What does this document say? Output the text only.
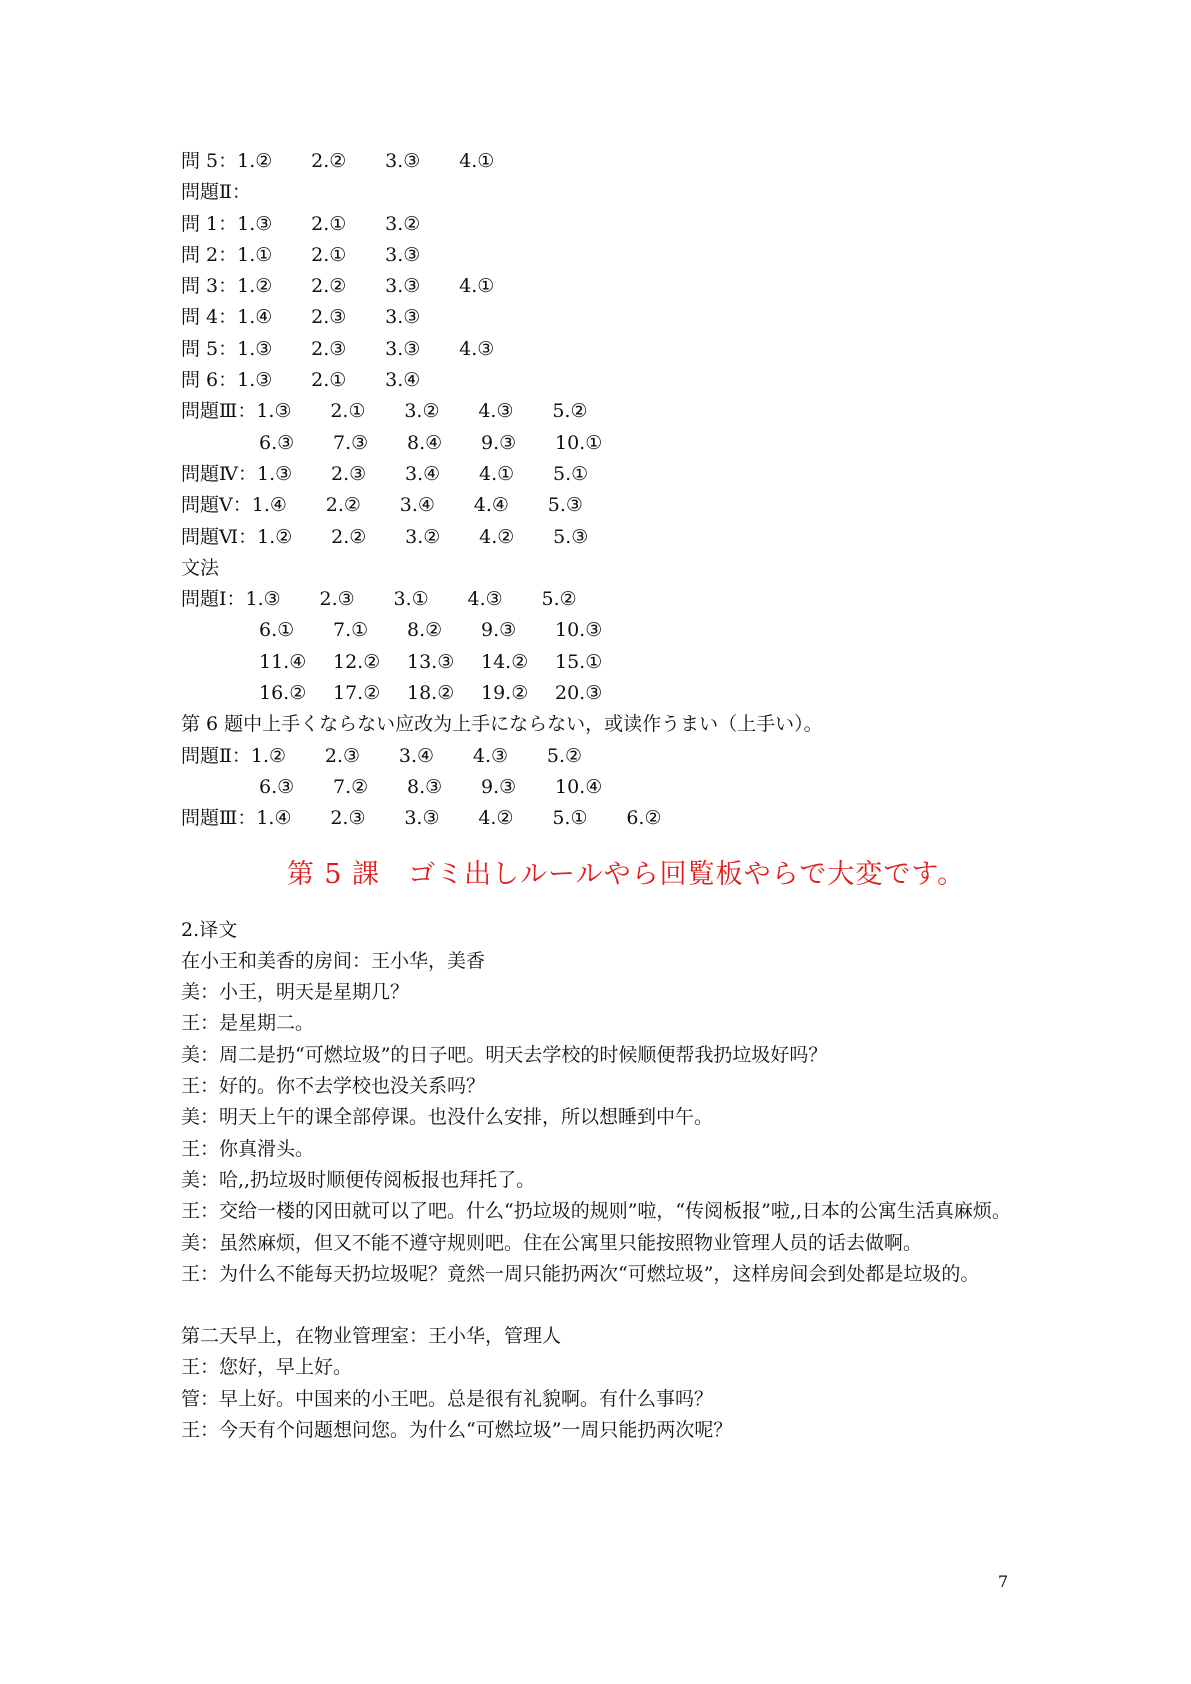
問 5：1.② 2.② 3.③ 4.①
問題Ⅱ：
問 1：1.③ 2.① 3.②
問 2：1.① 2.① 3.③
問 3：1.② 2.② 3.③ 4.①
問 4：1.④ 2.③ 3.③
問 5：1.③ 2.③ 3.③ 4.③
問 6：1.③ 2.① 3.④
問題Ⅲ：1.③ 2.① 3.② 4.③ 5.②
6.③ 7.③ 8.④ 9.③ 10.①
問題Ⅳ：1.③ 2.③ 3.④ 4.① 5.①
問題Ⅴ：1.④ 2.② 3.④ 4.④ 5.③
問題Ⅵ：1.② 2.② 3.② 4.② 5.③
文法
問題Ⅰ：1.③ 2.③ 3.① 4.③ 5.②
6.① 7.① 8.② 9.③ 10.③
11.④ 12.② 13.③ 14.② 15.①
16.② 17.② 18.② 19.② 20.③
第 6 题中上手くならない应改为上手にならない，或读作うまい（上手い）。
問題Ⅱ：1.② 2.③ 3.④ 4.③ 5.②
6.③ 7.② 8.③ 9.③ 10.④
問題Ⅲ：1.④ 2.③ 3.③ 4.② 5.① 6.②
第 5 課　ゴミ出しルールやら回覧板やらで大変です。
2.译文
在小王和美香的房间：王小华，美香
美：小王，明天是星期几？
王：是星期二。
美：周二是扔“可燃垃圾”的日子吧。明天去学校的时候顺便帮我扔垃圾好吗？
王：好的。你不去学校也没关系吗？
美：明天上午的课全部停课。也没什么安排，所以想睡到中午。
王：你真滑头。
美：哈,,扔垃圾时顺便传阅板报也拜托了。
王：交给一楼的冈田就可以了吧。什么“扔垃圾的规则”啦，“传阅板报”啦,,日本的公寓生活真麻烦。
美：虽然麻烦，但又不能不遵守规则吧。住在公寓里只能按照物业管理人员的话去做啊。
王：为什么不能每天扔垃圾呢？竟然一周只能扔两次“可燃垃圾”，这样房间会到处都是垃圾的。
第二天早上，在物业管理室：王小华，管理人
王：您好，早上好。
管：早上好。中国来的小王吧。总是很有礼貌啊。有什么事吗？
王：今天有个问题想问您。为什么“可燃垃圾”一周只能扔两次呢？
7
